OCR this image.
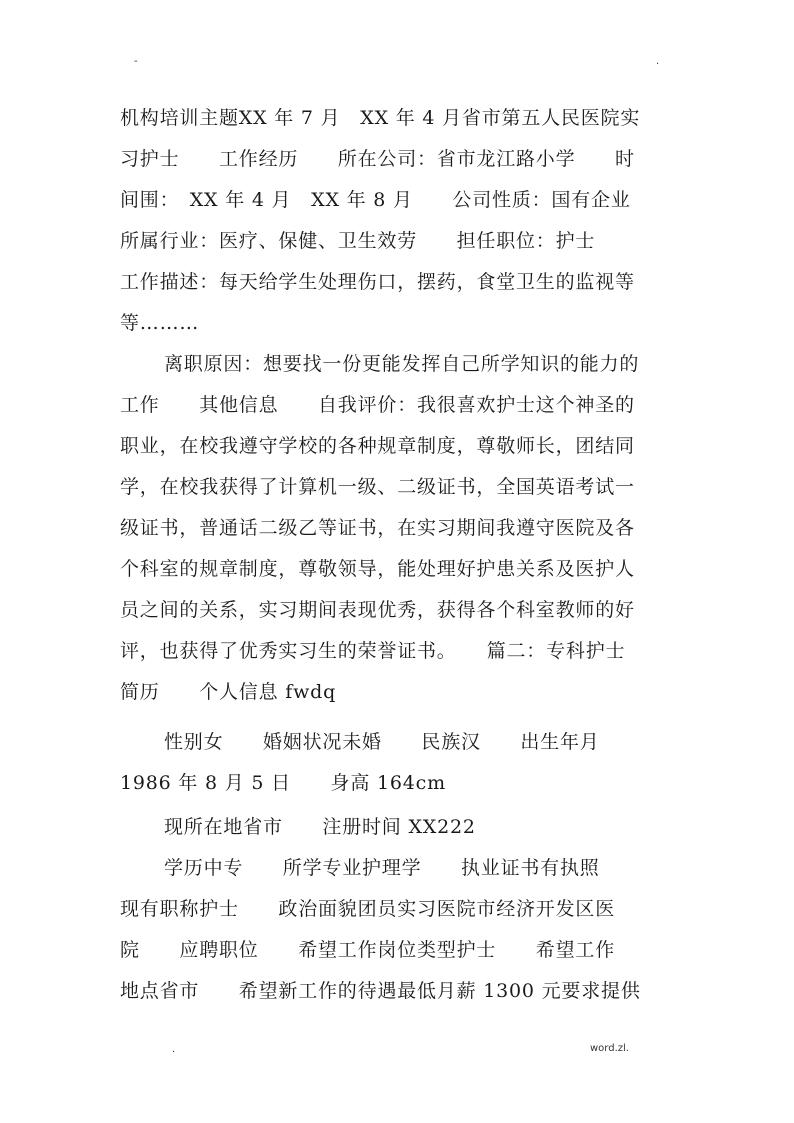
-	.

机构培训主题XX 年 7 月　XX 年 4 月省市第五人民医院实
习护士　　工作经历　　所在公司：省市龙江路小学　　时
间围：　XX 年 4 月　XX 年 8 月　　公司性质：国有企业
所属行业：医疗、保健、卫生效劳　　担任职位：护士
工作描述：每天给学生处理伤口，摆药，食堂卫生的监视等
等………

离职原因：想要找一份更能发挥自己所学知识的能力的
工作　　其他信息　　自我评价：我很喜欢护士这个神圣的
职业，在校我遵守学校的各种规章制度，尊敬师长，团结同
学，在校我获得了计算机一级、二级证书，全国英语考试一
级证书，普通话二级乙等证书，在实习期间我遵守医院及各
个科室的规章制度，尊敬领导，能处理好护患关系及医护人
员之间的关系，实习期间表现优秀，获得各个科室教师的好
评，也获得了优秀实习生的荣誉证书。　　篇二：专科护士
简历　　个人信息 fwdq

性别女　　婚姻状况未婚　　民族汉　　出生年月
1986 年 8 月 5 日　　身高 164cm

现所在地省市　　注册时间 XX222

学历中专　　所学专业护理学　　执业证书有执照
现有职称护士　　政治面貌团员实习医院市经济开发区医
院　　应聘职位　　希望工作岗位类型护士　　希望工作
地点省市　　希望新工作的待遇最低月薪 1300 元要求提供

.	word.zl.
